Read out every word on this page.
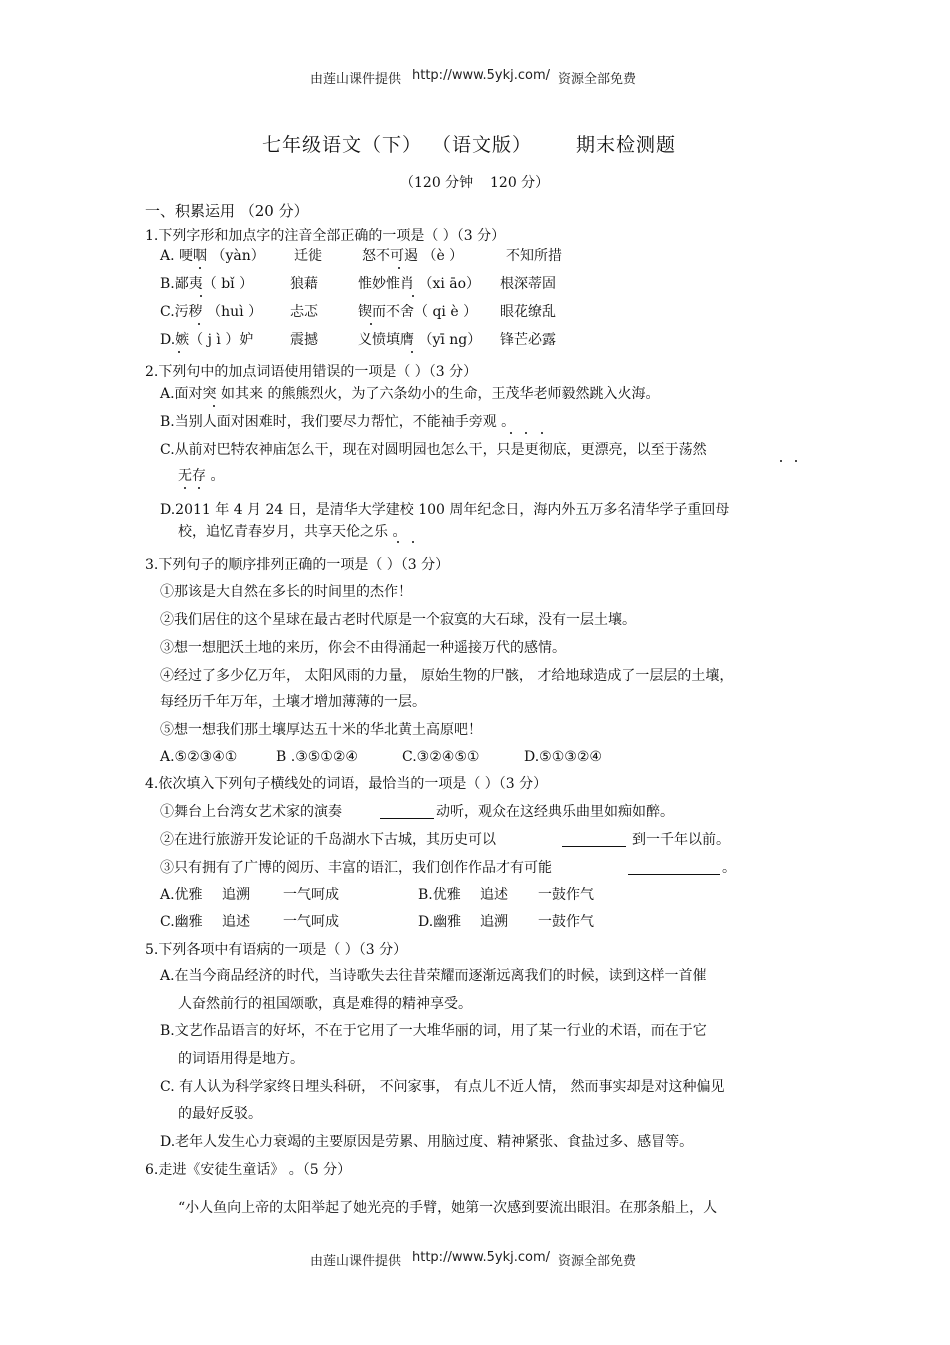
由莲山课件提供 http://www.5ykj.com/ 资源全部免费
七年级语文（下） （语文版） 期末检测题
（120 分钟 120 分）
一、积累运用 （20 分）
1.下列字形和加点字的注音全部正确的一项是（ ）（3 分）
A. 哽咽 （yàn） 迁徙	怒不可遏 （è ）	不知所措
B.鄙夷（ bǐ ）	狼藉	惟妙惟肖 （xi āo） 根深蒂固
C.污秽 （huì ） 忐忑	锲而不舍（ qi è ） 眼花缭乱
D.嫉（ j ì ）妒	震撼	义愤填膺 （yī ng） 锋芒必露
2.下列句中的加点词语使用错误的一项是（ ）（3 分）
A.面对突 如其来 的熊熊烈火，为了六条幼小的生命，王茂华老师毅然跳入火海。
B.当别人面对困难时，我们要尽力帮忙，不能袖手旁观 。
C.从前对巴特农神庙怎么干，现在对圆明园也怎么干，只是更彻底，更漂亮，以至于荡然
无存 。
D.2011 年 4 月 24 日，是清华大学建校 100 周年纪念日，海内外五万多名清华学子重回母
校，追忆青春岁月，共享天伦之乐 。
3.下列句子的顺序排列正确的一项是（ ）（3 分）
①那该是大自然在多长的时间里的杰作！
②我们居住的这个星球在最古老时代原是一个寂寞的大石球，没有一层土壤。
③想一想肥沃土地的来历，你会不由得涌起一种遥接万代的感情。
④经过了多少亿万年， 太阳风雨的力量， 原始生物的尸骸， 才给地球造成了一层层的土壤，
每经历千年万年，土壤才增加薄薄的一层。
⑤想一想我们那土壤厚达五十米的华北黄土高原吧！
A.⑤②③④①	B .③⑤①②④	C.③②④⑤①	D.⑤①③②④
4.依次填入下列句子横线处的词语，最恰当的一项是（ ）（3 分）
①舞台上台湾女艺术家的演奏	动听，观众在这经典乐曲里如痴如醉。
②在进行旅游开发论证的千岛湖水下古城，其历史可以	到一千年以前。
③只有拥有了广博的阅历、丰富的语汇，我们创作作品才有可能	。
A.优雅 追溯 一气呵成	B.优雅 追述 一鼓作气
C.幽雅 追述 一气呵成	D.幽雅 追溯 一鼓作气
5.下列各项中有语病的一项是（ ）（3 分）
A.在当今商品经济的时代，当诗歌失去往昔荣耀而逐渐远离我们的时候，读到这样一首催
人奋然前行的祖国颂歌，真是难得的精神享受。
B.文艺作品语言的好坏，不在于它用了一大堆华丽的词，用了某一行业的术语，而在于它
的词语用得是地方。
C. 有人认为科学家终日埋头科研， 不问家事， 有点儿不近人情， 然而事实却是对这种偏见
的最好反驳。
D.老年人发生心力衰竭的主要原因是劳累、用脑过度、精神紧张、食盐过多、感冒等。
6.走进《安徒生童话》 。（5 分）
“小人鱼向上帝的太阳举起了她光亮的手臂，她第一次感到要流出眼泪。在那条船上，人
由莲山课件提供 http://www.5ykj.com/ 资源全部免费
